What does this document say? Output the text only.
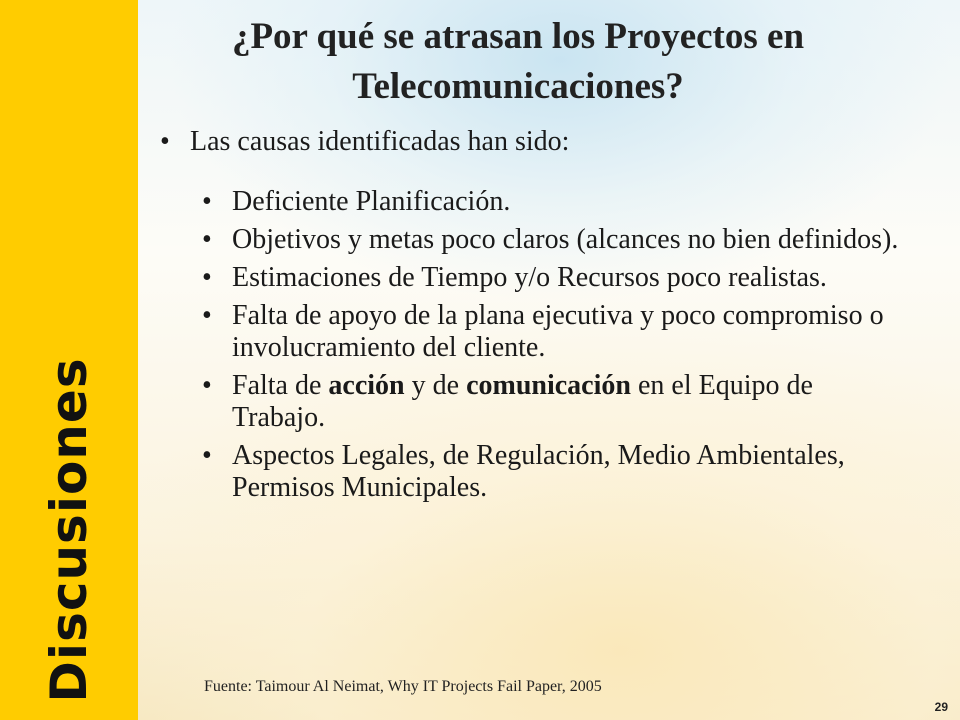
Discusiones
¿Por qué se atrasan los Proyectos en Telecomunicaciones?
• Las causas identificadas han sido:
• Deficiente Planificación.
• Objetivos y metas poco claros (alcances no bien definidos).
• Estimaciones de Tiempo y/o Recursos poco realistas.
• Falta de apoyo de la plana ejecutiva y poco compromiso o involucramiento del cliente.
• Falta de acción y de comunicación en el Equipo de Trabajo.
• Aspectos Legales, de Regulación, Medio Ambientales, Permisos Municipales.
Fuente: Taimour Al Neimat, Why IT Projects Fail Paper, 2005
29
